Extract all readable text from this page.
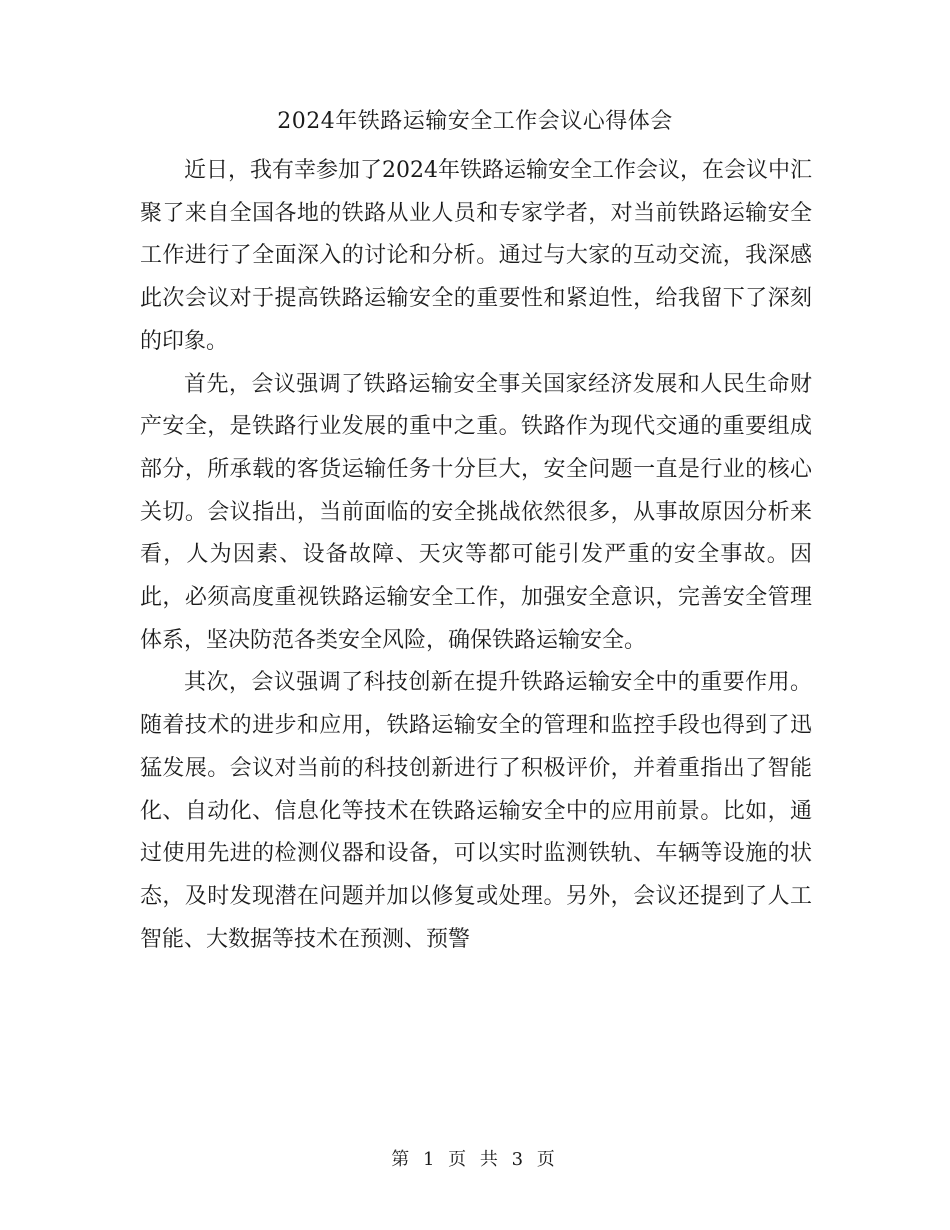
2024年铁路运输安全工作会议心得体会

近日，我有幸参加了2024年铁路运输安全工作会议，在会议中汇聚了来自全国各地的铁路从业人员和专家学者，对当前铁路运输安全工作进行了全面深入的讨论和分析。通过与大家的互动交流，我深感此次会议对于提高铁路运输安全的重要性和紧迫性，给我留下了深刻的印象。

首先，会议强调了铁路运输安全事关国家经济发展和人民生命财产安全，是铁路行业发展的重中之重。铁路作为现代交通的重要组成部分，所承载的客货运输任务十分巨大，安全问题一直是行业的核心关切。会议指出，当前面临的安全挑战依然很多，从事故原因分析来看，人为因素、设备故障、天灾等都可能引发严重的安全事故。因此，必须高度重视铁路运输安全工作，加强安全意识，完善安全管理体系，坚决防范各类安全风险，确保铁路运输安全。

其次，会议强调了科技创新在提升铁路运输安全中的重要作用。随着技术的进步和应用，铁路运输安全的管理和监控手段也得到了迅猛发展。会议对当前的科技创新进行了积极评价，并着重指出了智能化、自动化、信息化等技术在铁路运输安全中的应用前景。比如，通过使用先进的检测仪器和设备，可以实时监测铁轨、车辆等设施的状态，及时发现潜在问题并加以修复或处理。另外，会议还提到了人工智能、大数据等技术在预测、预警

第 1 页 共 3 页
